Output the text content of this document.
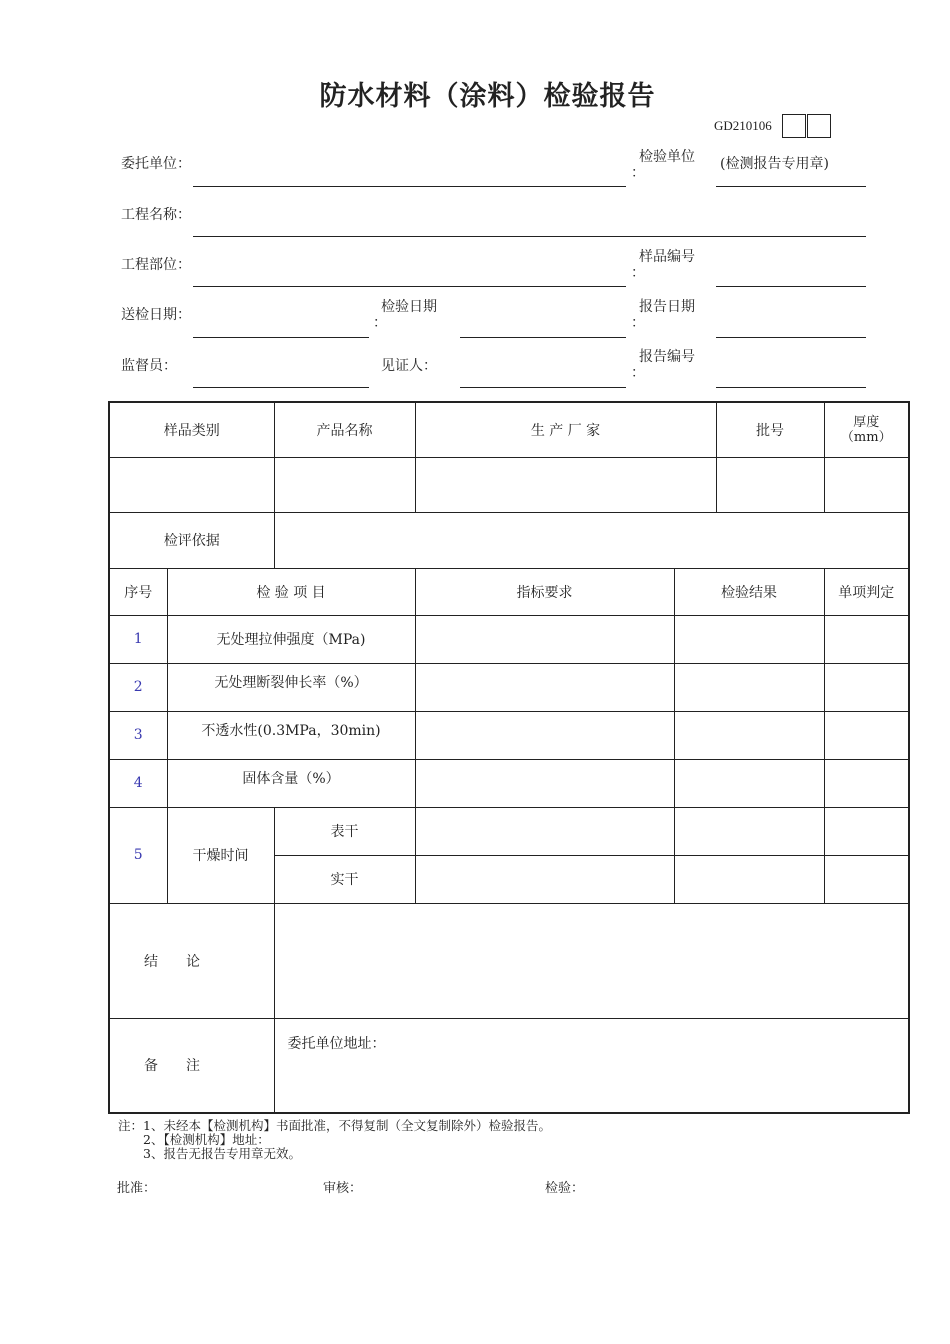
防水材料（涂料）检验报告
GD210106
委托单位：	检验单位
：
(检测报告专用章)
工程名称：
工程部位：	样品编号
：
送检日期：	检验日期
：
报告日期
：
监督员：	见证人：
报告编号
：
样品类别		产品名称	生 产 厂 家		批号	厚度
（mm）

检评依据						
序号	检 验 项 目		指标要求	检验结果		单项判定
1	无处理拉伸强度（MPa)					
2	无处理断裂伸长率（%）					
3	不透水性(0.3MPa，30min)					
4	固体含量（%）					
5	干燥时间	表干				
		实干				
结　　论						
备　　注		委托单位地址：				
注：1、未经本【检测机构】书面批准，不得复制（全文复制除外）检验报告。
　　2、【检测机构】地址：
　　3、报告无报告专用章无效。
批准：	审核：	检验：
